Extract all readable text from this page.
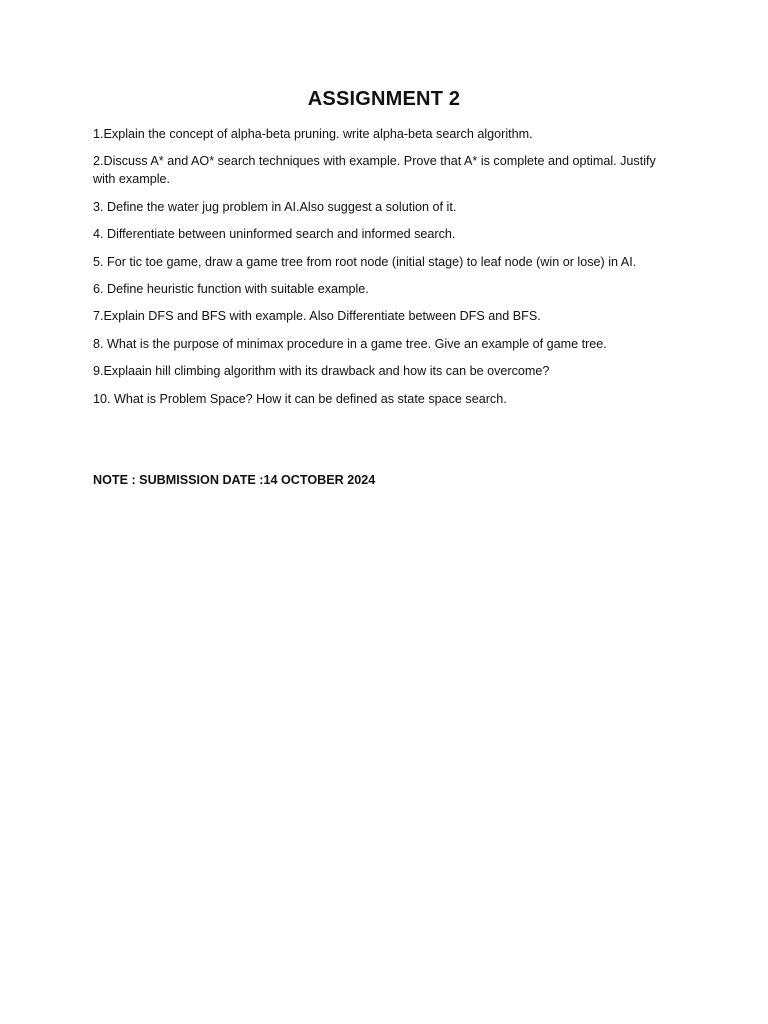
ASSIGNMENT 2
1.Explain the concept of alpha-beta pruning. write alpha-beta search algorithm.
2.Discuss A* and AO* search techniques with example. Prove that A* is complete and optimal. Justify with example.
3. Define the water jug problem in AI.Also suggest a solution of it.
4. Differentiate between uninformed search and informed search.
5. For tic toe game, draw a game tree from root node (initial stage) to leaf node (win or lose) in AI.
6. Define heuristic function with suitable example.
7.Explain DFS and BFS with example. Also Differentiate between DFS and BFS.
8. What is the purpose of minimax procedure in a game tree. Give an example of game tree.
9.Explaain hill climbing algorithm with its drawback and how its can be overcome?
10. What is Problem Space? How it can be defined as state space search.
NOTE : SUBMISSION DATE :14 OCTOBER 2024
